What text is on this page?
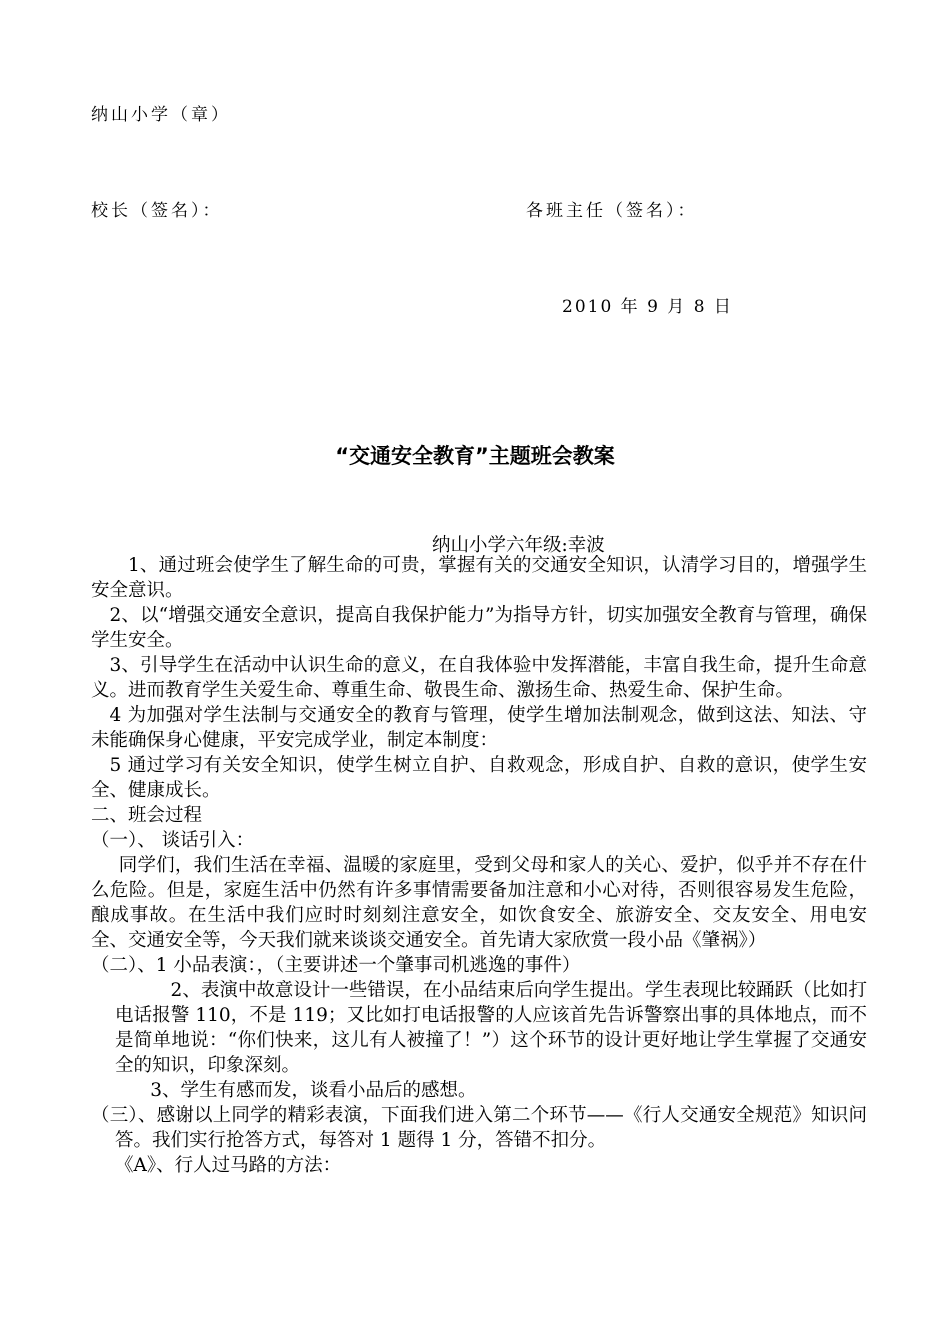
纳山小学（章）
校长（签名）：	各班主任（签名）：
2010 年 9 月 8 日
“交通安全教育”主题班会教案
纳山小学六年级:幸波

1、通过班会使学生了解生命的可贵，掌握有关的交通安全知识，认清学习目的，增强学生安全意识。

2、以“增强交通安全意识，提高自我保护能力”为指导方针，切实加强安全教育与管理，确保学生安全。

3、引导学生在活动中认识生命的意义，在自我体验中发挥潜能，丰富自我生命，提升生命意义。进而教育学生关爱生命、尊重生命、敬畏生命、激扬生命、热爱生命、保护生命。

4 为加强对学生法制与交通安全的教育与管理，使学生增加法制观念，做到这法、知法、守未能确保身心健康，平安完成学业，制定本制度：

5 通过学习有关安全知识，使学生树立自护、自救观念，形成自护、自救的意识，使学生安全、健康成长。

二、班会过程

（一）、 谈话引入：

同学们，我们生活在幸福、温暖的家庭里，受到父母和家人的关心、爱护，似乎并不存在什么危险。但是，家庭生活中仍然有许多事情需要备加注意和小心对待，否则很容易发生危险，酿成事故。在生活中我们应时时刻刻注意安全，如饮食安全、旅游安全、交友安全、用电安全、交通安全等，今天我们就来谈谈交通安全。首先请大家欣赏一段小品《肇祸》）

（二）、1 小品表演：，（主要讲述一个肇事司机逃逸的事件）

2、表演中故意设计一些错误，在小品结束后向学生提出。学生表现比较踊跃（比如打电话报警 110，不是 119；又比如打电话报警的人应该首先告诉警察出事的具体地点，而不是简单地说：“你们快来，这儿有人被撞了！”）这个环节的设计更好地让学生掌握了交通安全的知识，印象深刻。

3、学生有感而发，谈看小品后的感想。

（三）、感谢以上同学的精彩表演，下面我们进入第二个环节——《行人交通安全规范》知识问答。我们实行抢答方式，每答对 1 题得 1 分，答错不扣分。

《A》、行人过马路的方法：
